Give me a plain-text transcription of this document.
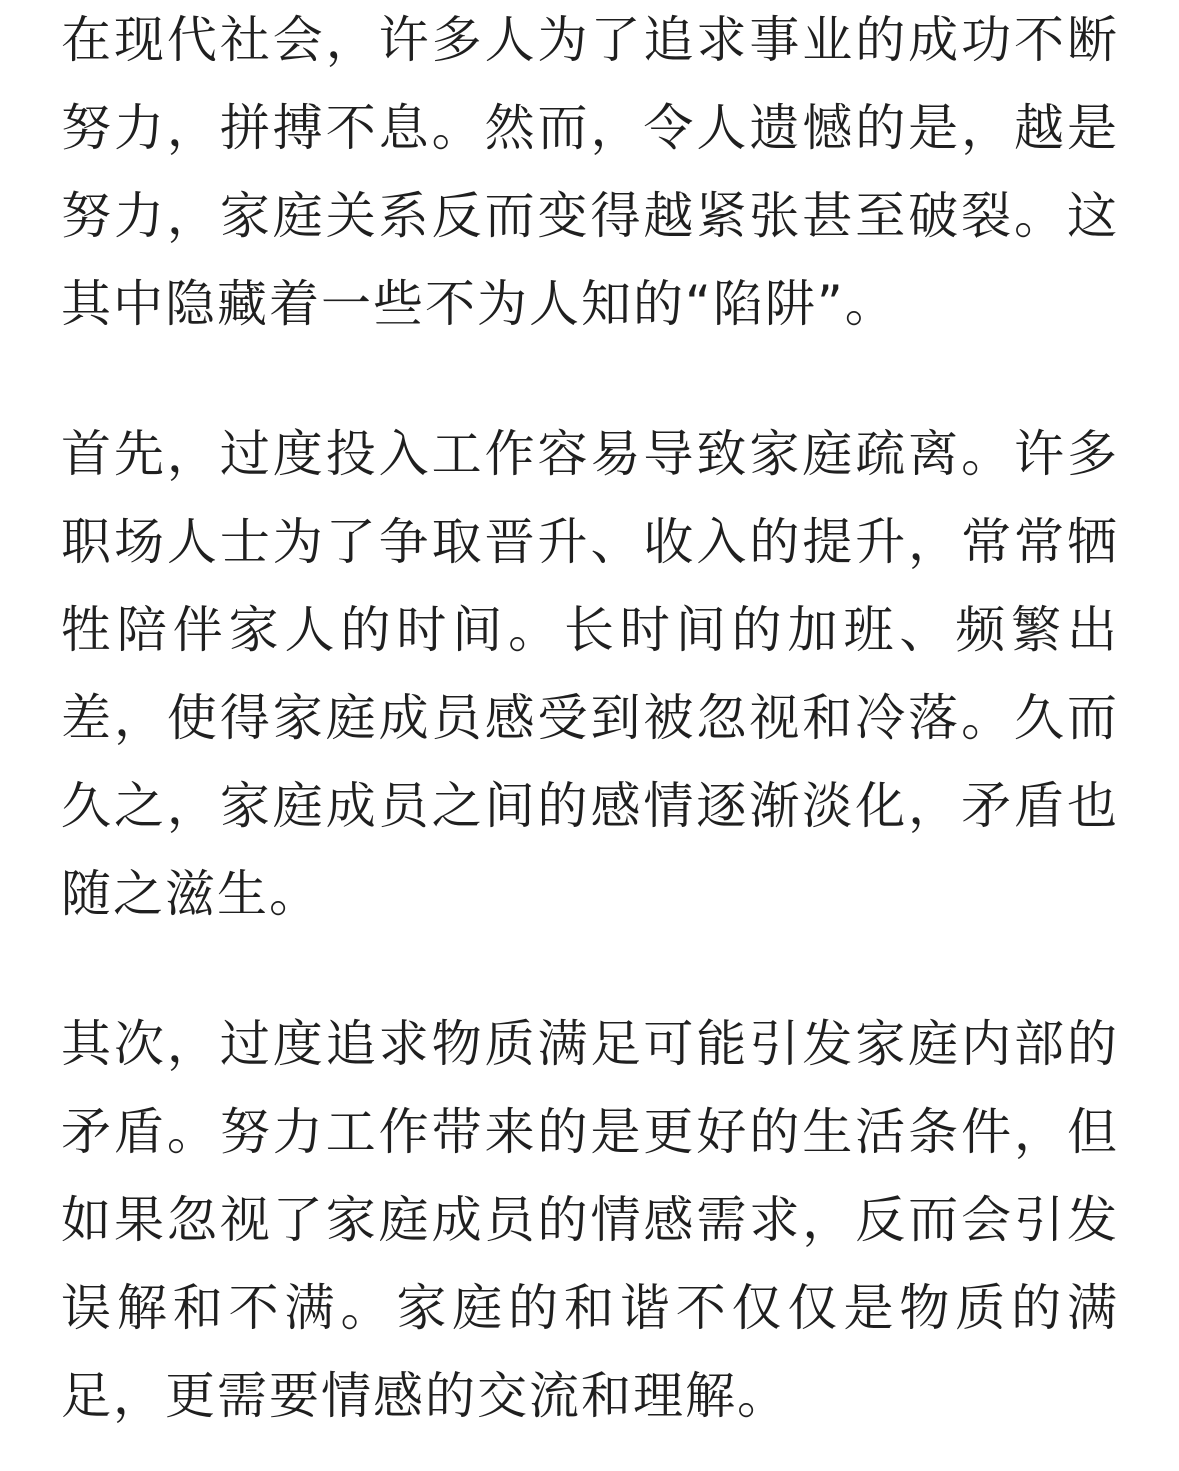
在现代社会，许多人为了追求事业的成功不断
努力，拼搏不息。然而，令人遗憾的是，越是
努力，家庭关系反而变得越紧张甚至破裂。这
其中隐藏着一些不为人知的“陷阱”。
首先，过度投入工作容易导致家庭疏离。许多
职场人士为了争取晋升、收入的提升，常常牺
牲陪伴家人的时间。长时间的加班、频繁出
差，使得家庭成员感受到被忽视和冷落。久而
久之，家庭成员之间的感情逐渐淡化，矛盾也
随之滋生。
其次，过度追求物质满足可能引发家庭内部的
矛盾。努力工作带来的是更好的生活条件，但
如果忽视了家庭成员的情感需求，反而会引发
误解和不满。家庭的和谐不仅仅是物质的满
足，更需要情感的交流和理解。
